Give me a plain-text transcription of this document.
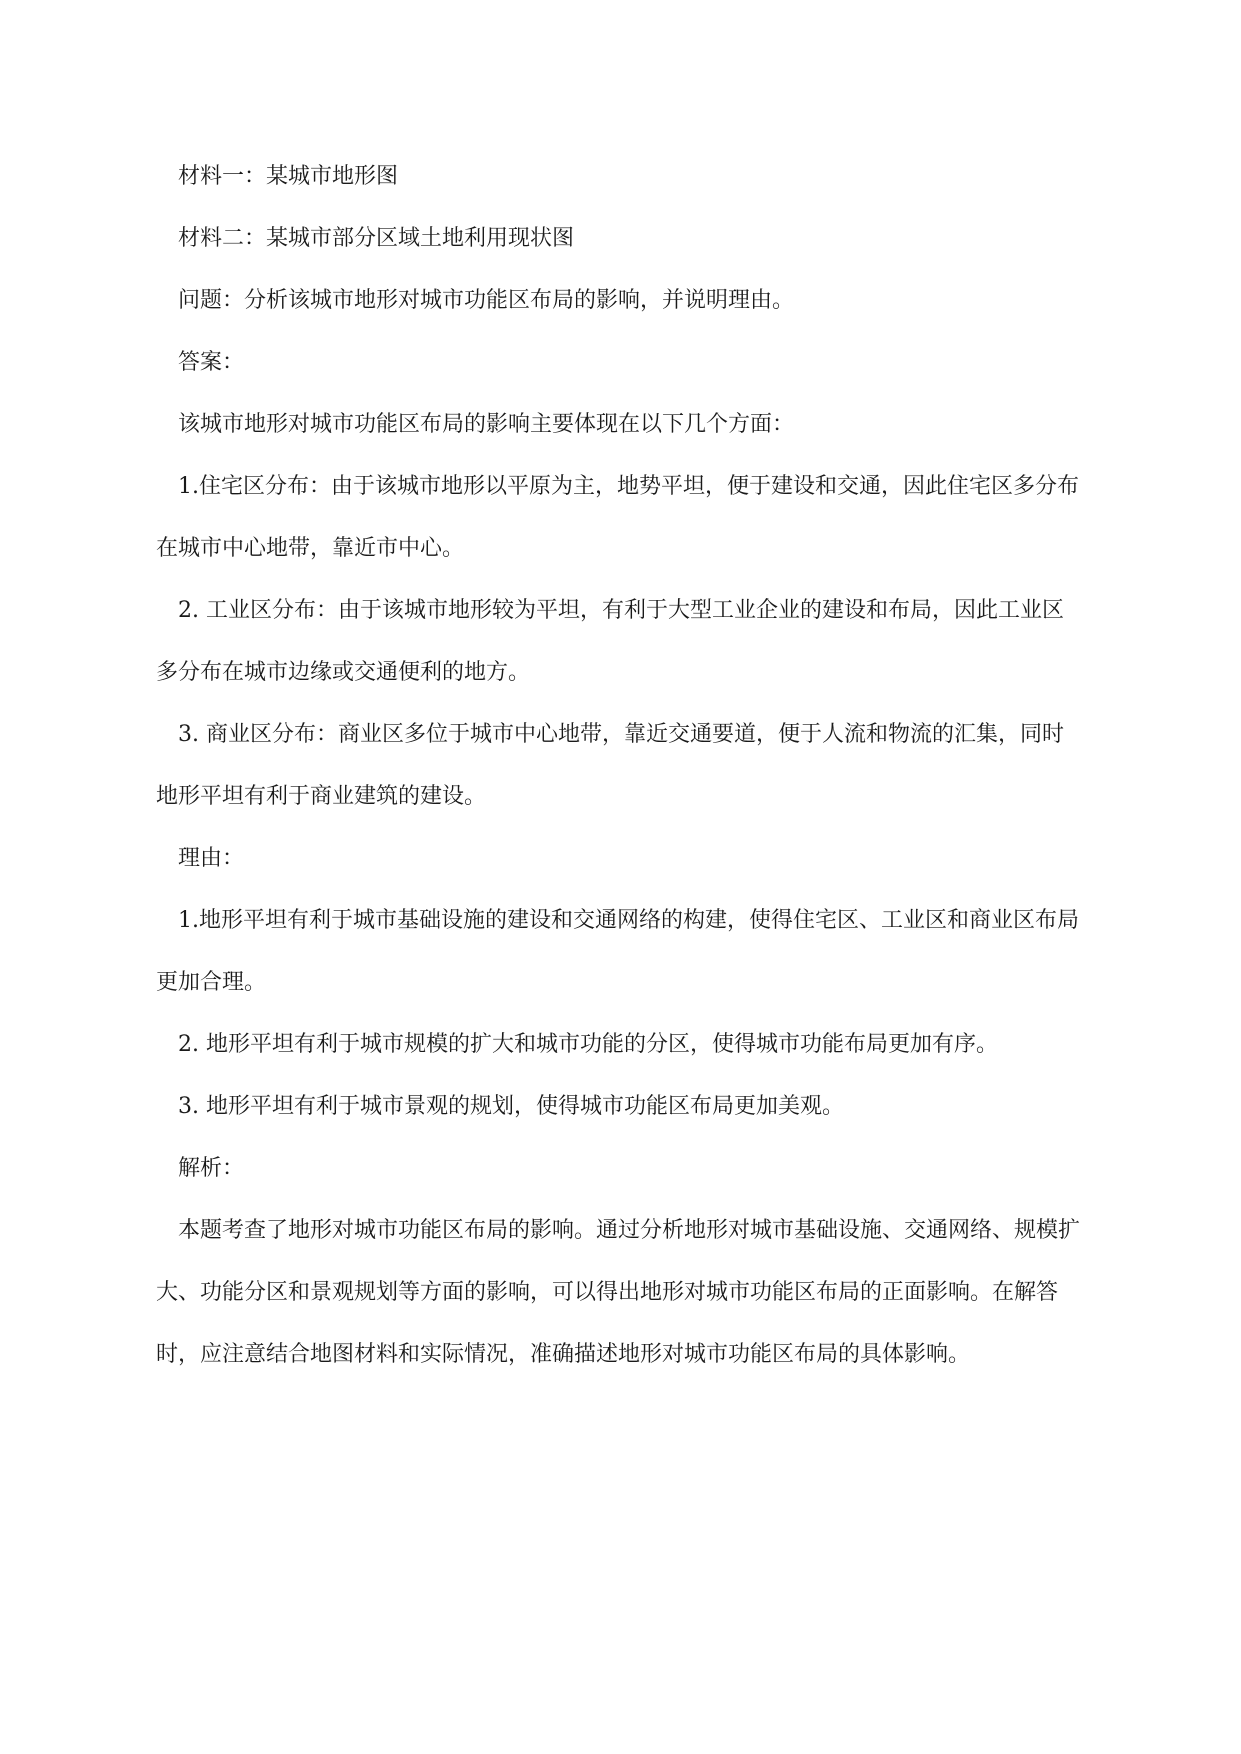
材料一：某城市地形图

材料二：某城市部分区域土地利用现状图

问题：分析该城市地形对城市功能区布局的影响，并说明理由。

答案：

该城市地形对城市功能区布局的影响主要体现在以下几个方面：

1.住宅区分布：由于该城市地形以平原为主，地势平坦，便于建设和交通，因此住宅区多分布在城市中心地带，靠近市中心。

2. 工业区分布：由于该城市地形较为平坦，有利于大型工业企业的建设和布局，因此工业区多分布在城市边缘或交通便利的地方。

3. 商业区分布：商业区多位于城市中心地带，靠近交通要道，便于人流和物流的汇集，同时地形平坦有利于商业建筑的建设。

理由：

1.地形平坦有利于城市基础设施的建设和交通网络的构建，使得住宅区、工业区和商业区布局更加合理。

2. 地形平坦有利于城市规模的扩大和城市功能的分区，使得城市功能布局更加有序。

3. 地形平坦有利于城市景观的规划，使得城市功能区布局更加美观。

解析：

本题考查了地形对城市功能区布局的影响。通过分析地形对城市基础设施、交通网络、规模扩大、功能分区和景观规划等方面的影响，可以得出地形对城市功能区布局的正面影响。在解答时，应注意结合地图材料和实际情况，准确描述地形对城市功能区布局的具体影响。
